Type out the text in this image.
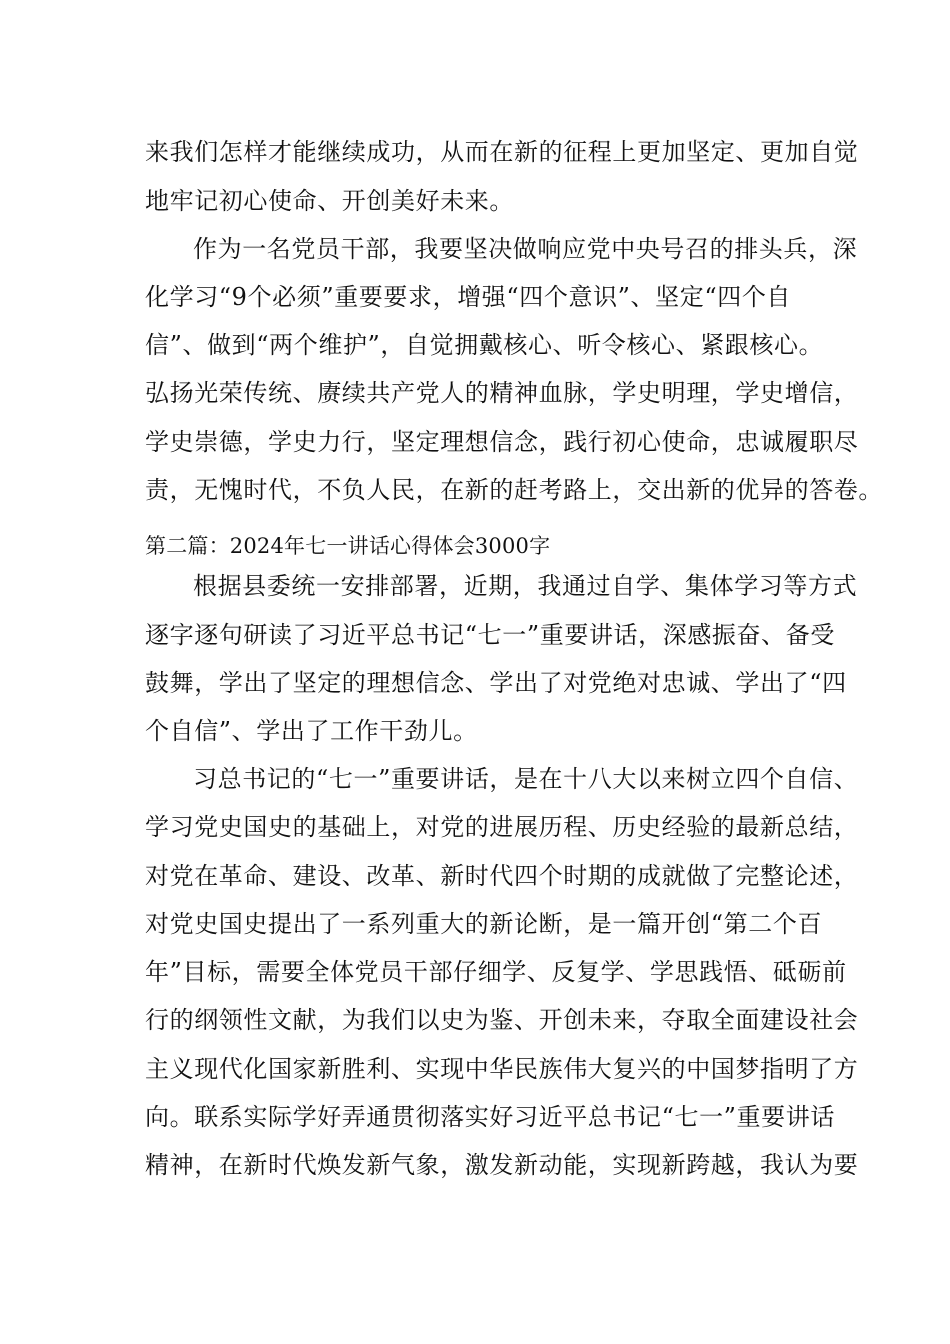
来我们怎样才能继续成功，从而在新的征程上更加坚定、更加自觉
地牢记初心使命、开创美好未来。
作为一名党员干部，我要坚决做响应党中央号召的排头兵，深
化学习“9个必须”重要要求，增强“四个意识”、坚定“四个自
信”、做到“两个维护”，自觉拥戴核心、听令核心、紧跟核心。
弘扬光荣传统、赓续共产党人的精神血脉，学史明理，学史增信，
学史崇德，学史力行，坚定理想信念，践行初心使命，忠诚履职尽
责，无愧时代，不负人民，在新的赶考路上，交出新的优异的答卷。
第二篇：2024年七一讲话心得体会3000字
根据县委统一安排部署，近期，我通过自学、集体学习等方式
逐字逐句研读了习近平总书记“七一”重要讲话，深感振奋、备受
鼓舞，学出了坚定的理想信念、学出了对党绝对忠诚、学出了“四
个自信”、学出了工作干劲儿。
习总书记的“七一”重要讲话，是在十八大以来树立四个自信、
学习党史国史的基础上，对党的进展历程、历史经验的最新总结，
对党在革命、建设、改革、新时代四个时期的成就做了完整论述，
对党史国史提出了一系列重大的新论断，是一篇开创“第二个百
年”目标，需要全体党员干部仔细学、反复学、学思践悟、砥砺前
行的纲领性文献，为我们以史为鉴、开创未来，夺取全面建设社会
主义现代化国家新胜利、实现中华民族伟大复兴的中国梦指明了方
向。联系实际学好弄通贯彻落实好习近平总书记“七一”重要讲话
精神，在新时代焕发新气象，激发新动能，实现新跨越，我认为要
